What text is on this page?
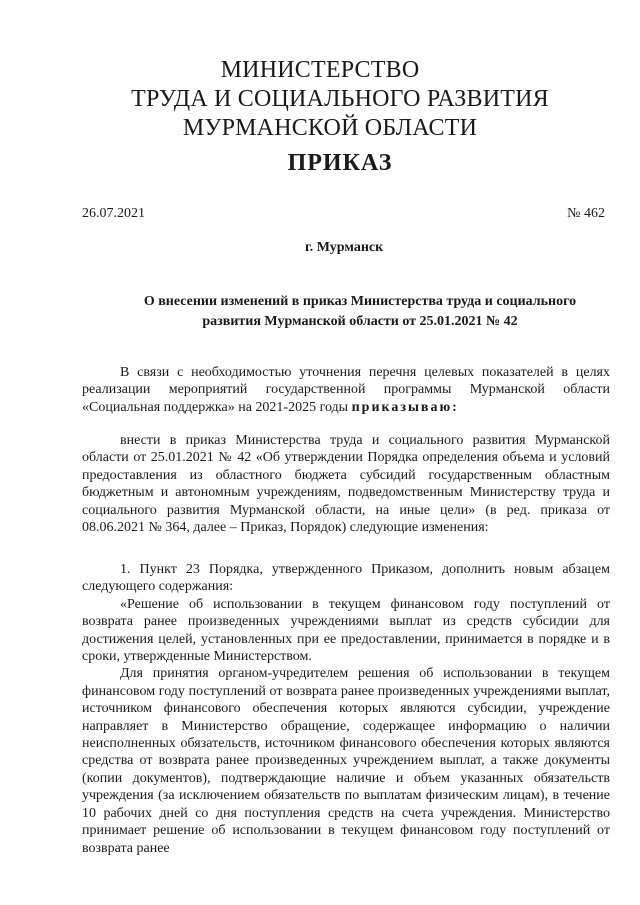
МИНИСТЕРСТВО
ТРУДА И СОЦИАЛЬНОГО РАЗВИТИЯ
МУРМАНСКОЙ ОБЛАСТИ
ПРИКАЗ
26.07.2021	№ 462
г. Мурманск
О внесении изменений в приказ Министерства труда и социального
развития Мурманской области от 25.01.2021 № 42

В связи с необходимостью уточнения перечня целевых показателей в целях реализации мероприятий государственной программы Мурманской области «Социальная поддержка» на 2021-2025 годы приказываю:

внести в приказ Министерства труда и социального развития Мурманской области от 25.01.2021 № 42 «Об утверждении Порядка определения объема и условий предоставления из областного бюджета субсидий государственным областным бюджетным и автономным учреждениям, подведомственным Министерству труда и социального развития Мурманской области, на иные цели» (в ред. приказа от 08.06.2021 № 364, далее – Приказ, Порядок) следующие изменения:

1. Пункт 23 Порядка, утвержденного Приказом, дополнить новым абзацем следующего содержания:

«Решение об использовании в текущем финансовом году поступлений от возврата ранее произведенных учреждениями выплат из средств субсидии для достижения целей, установленных при ее предоставлении, принимается в порядке и в сроки, утвержденные Министерством.

Для принятия органом-учредителем решения об использовании в текущем финансовом году поступлений от возврата ранее произведенных учреждениями выплат, источником финансового обеспечения которых являются субсидии, учреждение направляет в Министерство обращение, содержащее информацию о наличии неисполненных обязательств, источником финансового обеспечения которых являются средства от возврата ранее произведенных учреждением выплат, а также документы (копии документов), подтверждающие наличие и объем указанных обязательств учреждения (за исключением обязательств по выплатам физическим лицам), в течение 10 рабочих дней со дня поступления средств на счета учреждения. Министерство принимает решение об использовании в текущем финансовом году поступлений от возврата ранее
